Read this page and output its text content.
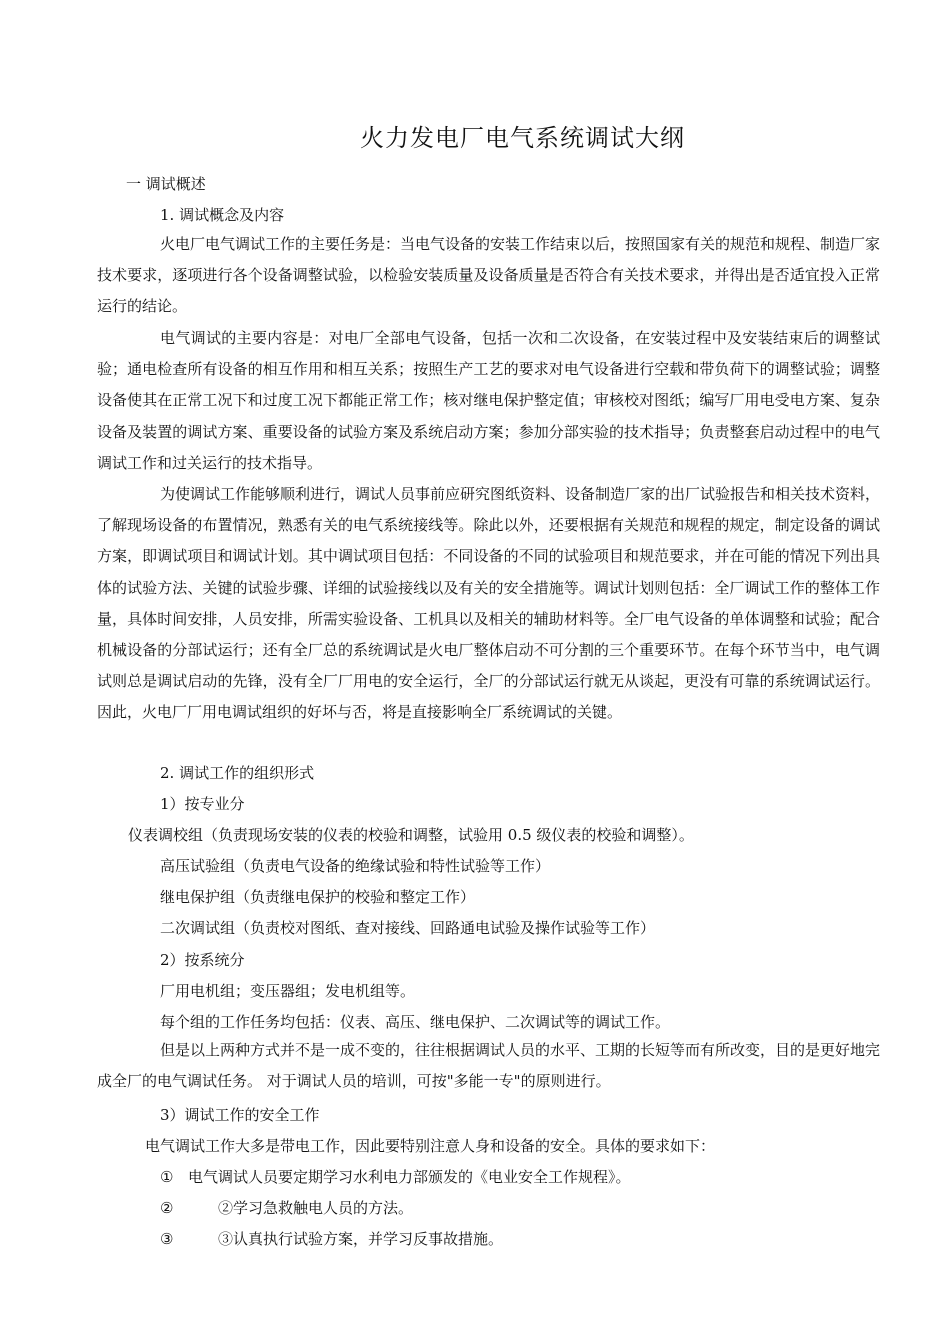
火力发电厂电气系统调试大纲
一 调试概述
1. 调试概念及内容

火电厂电气调试工作的主要任务是：当电气设备的安装工作结束以后，按照国家有关的规范和规程、制造厂家技术要求，逐项进行各个设备调整试验，以检验安装质量及设备质量是否符合有关技术要求，并得出是否适宜投入正常运行的结论。

电气调试的主要内容是：对电厂全部电气设备，包括一次和二次设备，在安装过程中及安装结束后的调整试验；通电检查所有设备的相互作用和相互关系；按照生产工艺的要求对电气设备进行空载和带负荷下的调整试验；调整设备使其在正常工况下和过度工况下都能正常工作；核对继电保护整定值；审核校对图纸；编写厂用电受电方案、复杂设备及装置的调试方案、重要设备的试验方案及系统启动方案；参加分部实验的技术指导；负责整套启动过程中的电气调试工作和过关运行的技术指导。

为使调试工作能够顺利进行，调试人员事前应研究图纸资料、设备制造厂家的出厂试验报告和相关技术资料，了解现场设备的布置情况，熟悉有关的电气系统接线等。除此以外，还要根据有关规范和规程的规定，制定设备的调试方案，即调试项目和调试计划。其中调试项目包括：不同设备的不同的试验项目和规范要求，并在可能的情况下列出具体的试验方法、关键的试验步骤、详细的试验接线以及有关的安全措施等。调试计划则包括：全厂调试工作的整体工作量，具体时间安排，人员安排，所需实验设备、工机具以及相关的辅助材料等。全厂电气设备的单体调整和试验；配合机械设备的分部试运行；还有全厂总的系统调试是火电厂整体启动不可分割的三个重要环节。在每个环节当中，电气调试则总是调试启动的先锋，没有全厂厂用电的安全运行，全厂的分部试运行就无从谈起，更没有可靠的系统调试运行。因此，火电厂厂用电调试组织的好坏与否，将是直接影响全厂系统调试的关键。

2. 调试工作的组织形式
1）按专业分
仪表调校组（负责现场安装的仪表的校验和调整，试验用 0.5 级仪表的校验和调整）。
高压试验组（负责电气设备的绝缘试验和特性试验等工作）
继电保护组（负责继电保护的校验和整定工作）
二次调试组（负责校对图纸、查对接线、回路通电试验及操作试验等工作）
2）按系统分
厂用电机组；变压器组；发电机组等。
每个组的工作任务均包括：仪表、高压、继电保护、二次调试等的调试工作。

但是以上两种方式并不是一成不变的，往往根据调试人员的水平、工期的长短等而有所改变，目的是更好地完成全厂的电气调试任务。 对于调试人员的培训，可按"多能一专"的原则进行。

3）调试工作的安全工作
电气调试工作大多是带电工作，因此要特别注意人身和设备的安全。具体的要求如下：
① 电气调试人员要定期学习水利电力部颁发的《电业安全工作规程》。
②	②学习急救触电人员的方法。
③	③认真执行试验方案，并学习反事故措施。
